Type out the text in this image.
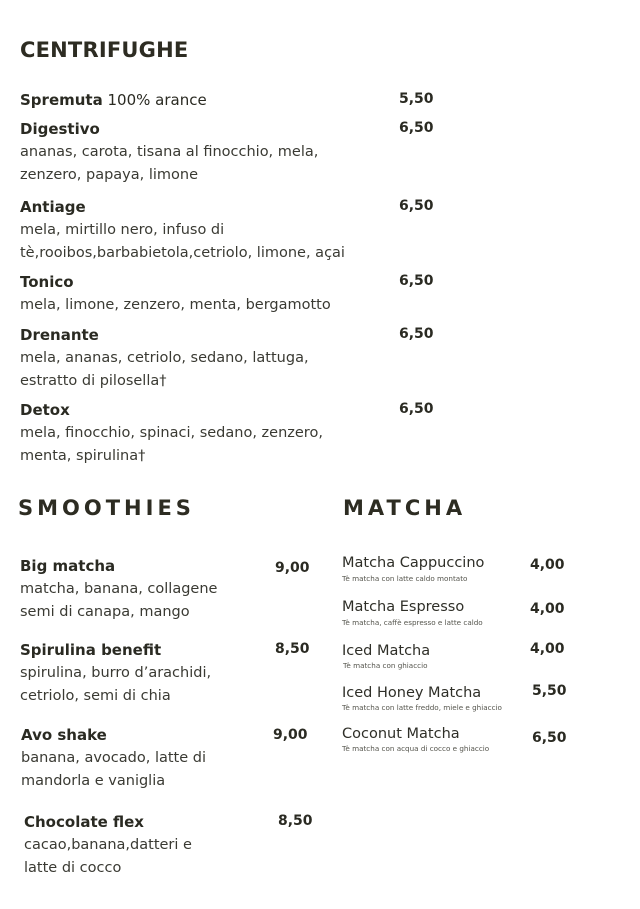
CENTRIFUGHE
Spremuta 100% arance	5,50
Digestivo	6,50
ananas, carota, tisana al finocchio, mela,
zenzero, papaya, limone
Antiage	6,50
mela, mirtillo nero, infuso di
tè,rooibos,barbabietola,cetriolo, limone, açai
Tonico	6,50
mela, limone, zenzero, menta, bergamotto
Drenante	6,50
mela, ananas, cetriolo, sedano, lattuga,
estratto di pilosella†
Detox	6,50
mela, finocchio, spinaci, sedano, zenzero,
menta, spirulina†
SMOOTHIES
Big matcha	9,00
matcha, banana, collagene
semi di canapa, mango
Spirulina benefit	8,50
spirulina, burro d’arachidi,
cetriolo, semi di chia
Avo shake	9,00
banana, avocado, latte di
mandorla e vaniglia
Chocolate flex	8,50
cacao,banana,datteri e
latte di cocco
MATCHA
Matcha Cappuccino
Tè matcha con latte caldo montato
4,00
Matcha Espresso
Tè matcha, caffè espresso e latte caldo
4,00
Iced Matcha
Tè matcha con ghiaccio
4,00
Iced Honey Matcha
Tè matcha con latte freddo, miele e ghiaccio
5,50
Coconut Matcha
Tè matcha con acqua di cocco e ghiaccio
6,50
